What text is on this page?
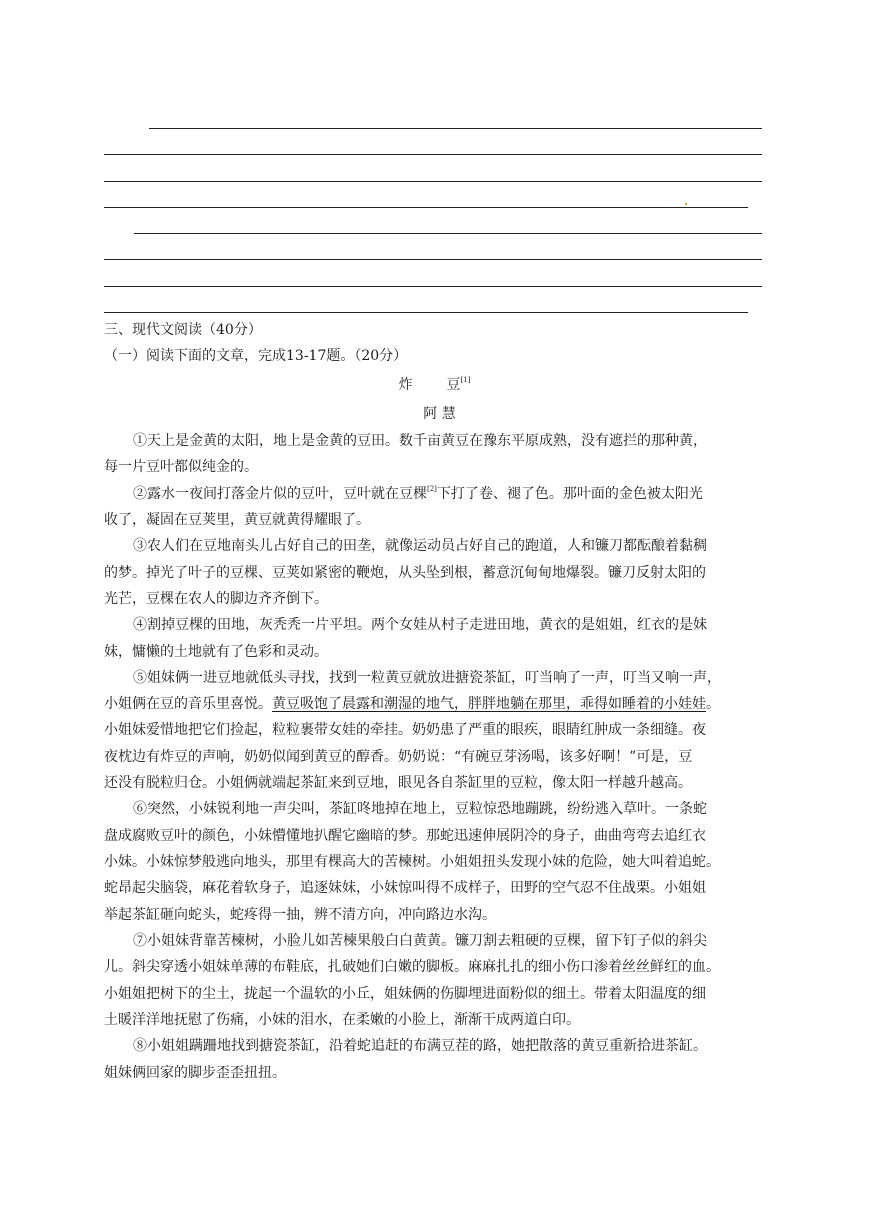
三、现代文阅读（40分）
（一）阅读下面的文章，完成13-17题。（20分）
炸 豆[1]
阿 慧
①天上是金黄的太阳，地上是金黄的豆田。数千亩黄豆在豫东平原成熟，没有遮拦的那种黄，
每一片豆叶都似纯金的。
②露水一夜间打落金片似的豆叶，豆叶就在豆棵[2]下打了卷、褪了色。那叶面的金色被太阳光
收了，凝固在豆荚里，黄豆就黄得耀眼了。
③农人们在豆地南头儿占好自己的田垄，就像运动员占好自己的跑道，人和镰刀都酝酿着黏稠
的梦。掉光了叶子的豆棵、豆荚如紧密的鞭炮，从头坠到根，蓄意沉甸甸地爆裂。镰刀反射太阳的
光芒，豆棵在农人的脚边齐齐倒下。
④割掉豆棵的田地，灰秃秃一片平坦。两个女娃从村子走进田地，黄衣的是姐姐，红衣的是妹
妹，慵懒的土地就有了色彩和灵动。
⑤姐妹俩一进豆地就低头寻找，找到一粒黄豆就放进搪瓷茶缸，叮当响了一声，叮当又响一声，
小姐俩在豆的音乐里喜悦。黄豆吸饱了晨露和潮湿的地气，胖胖地躺在那里，乖得如睡着的小娃娃。
小姐妹爱惜地把它们捡起，粒粒裹带女娃的牵挂。奶奶患了严重的眼疾，眼睛红肿成一条细缝。夜
夜枕边有炸豆的声响，奶奶似闻到黄豆的醇香。奶奶说：“有碗豆芽汤喝，该多好啊！”可是，豆
还没有脱粒归仓。小姐俩就端起茶缸来到豆地，眼见各自茶缸里的豆粒，像太阳一样越升越高。
⑥突然，小妹锐利地一声尖叫，茶缸咚地掉在地上，豆粒惊恐地蹦跳，纷纷逃入草叶。一条蛇
盘成腐败豆叶的颜色，小妹懵懂地扒醒它幽暗的梦。那蛇迅速伸展阴冷的身子，曲曲弯弯去追红衣
小妹。小妹惊梦般逃向地头，那里有棵高大的苦楝树。小姐姐扭头发现小妹的危险，她大叫着追蛇。
蛇昂起尖脑袋，麻花着软身子，追逐妹妹，小妹惊叫得不成样子，田野的空气忍不住战栗。小姐姐
举起茶缸砸向蛇头，蛇疼得一抽，辨不清方向，冲向路边水沟。
⑦小姐妹背靠苦楝树，小脸儿如苦楝果般白白黄黄。镰刀割去粗硬的豆棵，留下钉子似的斜尖
儿。斜尖穿透小姐妹单薄的布鞋底，扎破她们白嫩的脚板。麻麻扎扎的细小伤口渗着丝丝鲜红的血。
小姐姐把树下的尘土，拢起一个温软的小丘，姐妹俩的伤脚埋进面粉似的细土。带着太阳温度的细
土暖洋洋地抚慰了伤痛，小妹的泪水，在柔嫩的小脸上，渐渐干成两道白印。
⑧小姐姐蹒跚地找到搪瓷茶缸，沿着蛇追赶的布满豆茬的路，她把散落的黄豆重新拾进茶缸。
姐妹俩回家的脚步歪歪扭扭。
